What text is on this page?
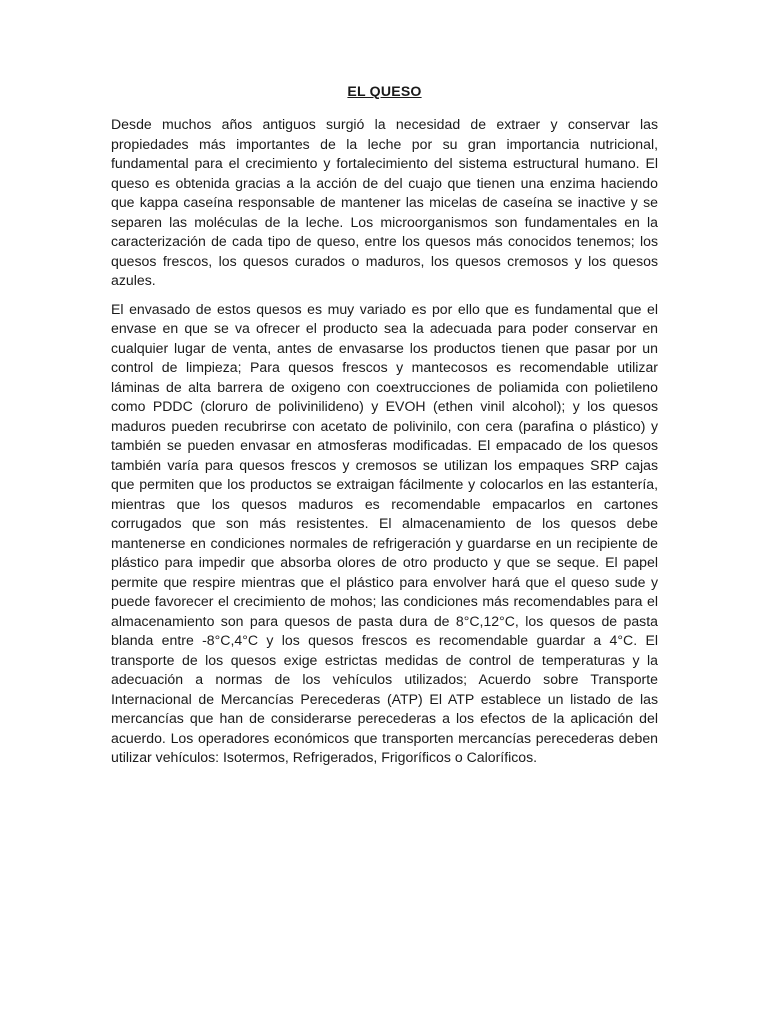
EL QUESO

Desde muchos años antiguos surgió la necesidad de extraer y conservar las propiedades más importantes de la leche por su gran importancia nutricional, fundamental para el crecimiento y fortalecimiento del sistema estructural humano. El queso es obtenida gracias a la acción de del cuajo que tienen una enzima haciendo que kappa caseína responsable de mantener las micelas de caseína se inactive y se separen las moléculas de la leche. Los microorganismos son fundamentales en la caracterización de cada tipo de queso, entre los quesos más conocidos tenemos; los quesos frescos, los quesos curados o maduros, los quesos cremosos y los quesos azules.

El envasado de estos quesos es muy variado es por ello que es fundamental que el envase en que se va ofrecer el producto sea la adecuada para poder conservar en cualquier lugar de venta, antes de envasarse los productos tienen que pasar por un control de limpieza; Para quesos frescos y mantecosos es recomendable utilizar láminas de alta barrera de oxigeno con coextrucciones de poliamida con polietileno como PDDC (cloruro de polivinilideno) y EVOH (ethen vinil alcohol); y los quesos maduros pueden recubrirse con acetato de polivinilo, con cera (parafina o plástico) y también se pueden envasar en atmosferas modificadas. El empacado de los quesos también varía para quesos frescos y cremosos se utilizan los empaques SRP cajas que permiten que los productos se extraigan fácilmente y colocarlos en las estantería, mientras que los quesos maduros es recomendable empacarlos en cartones corrugados que son más resistentes. El almacenamiento de los quesos debe mantenerse en condiciones normales de refrigeración y guardarse en un recipiente de plástico para impedir que absorba olores de otro producto y que se seque. El papel permite que respire mientras que el plástico para envolver hará que el queso sude y puede favorecer el crecimiento de mohos; las condiciones más recomendables para el almacenamiento son para quesos de pasta dura de 8°C,12°C, los quesos de pasta blanda entre -8°C,4°C y los quesos frescos es recomendable guardar a 4°C. El transporte de los quesos exige estrictas medidas de control de temperaturas y la adecuación a normas de los vehículos utilizados; Acuerdo sobre Transporte Internacional de Mercancías Perecederas (ATP) El ATP establece un listado de las mercancías que han de considerarse perecederas a los efectos de la aplicación del acuerdo. Los operadores económicos que transporten mercancías perecederas deben utilizar vehículos: Isotermos, Refrigerados, Frigoríficos o Caloríficos.
